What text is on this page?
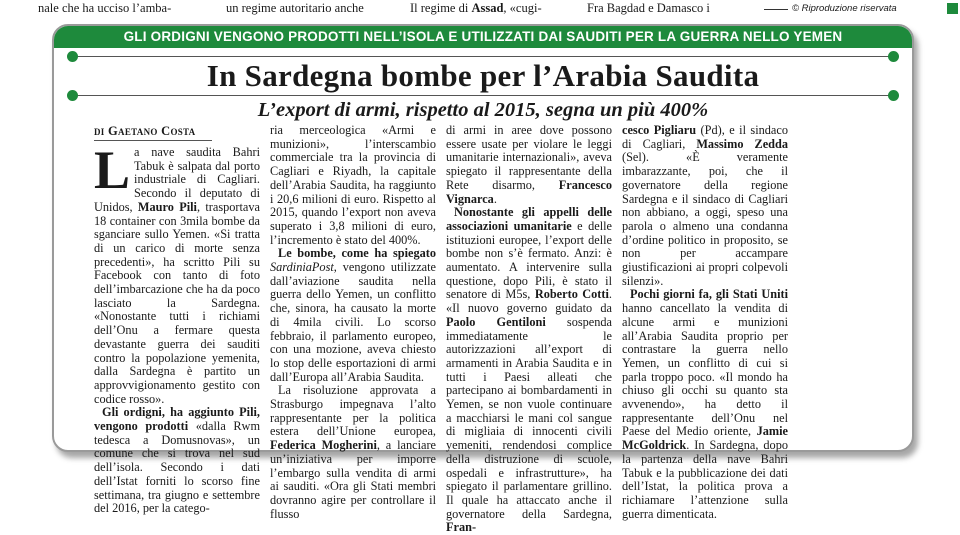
nale che ha ucciso l’amba-	un regime autoritario anche	Il regime di Assad, «cugi-	Fra Bagdad e Damasco i	© Riproduzione riservata
GLI ORDIGNI VENGONO PRODOTTI NELL’ISOLA E UTILIZZATI DAI SAUDITI PER LA GUERRA NELLO YEMEN
In Sardegna bombe per l’Arabia Saudita
L’export di armi, rispetto al 2015, segna un più 400%
di Gaetano Costa

La nave saudita Bahri Tabuk è salpata dal porto industriale di Cagliari. Secondo il deputato di Unidos, Mauro Pili, trasportava 18 container con 3mila bombe da sganciare sullo Yemen. «Si tratta di un carico di morte senza precedenti», ha scritto Pili su Facebook con tanto di foto dell’imbarcazione che ha da poco lasciato la Sardegna. «Nonostante tutti i richiami dell’Onu a fermare questa devastante guerra dei sauditi contro la popolazione yemenita, dalla Sardegna è partito un approvvigionamento gestito con codice rosso».

Gli ordigni, ha aggiunto Pili, vengono prodotti «dalla Rwm tedesca a Domusnovas», un comune che si trova nel sud dell’isola. Secondo i dati dell’Istat forniti lo scorso fine settimana, tra giugno e settembre del 2016, per la catego-

ria merceologica «Armi e munizioni», l’interscambio commerciale tra la provincia di Cagliari e Riyadh, la capitale dell’Arabia Saudita, ha raggiunto i 20,6 milioni di euro. Rispetto al 2015, quando l’export non aveva superato i 3,8 milioni di euro, l’incremento è stato del 400%.

Le bombe, come ha spiegato SardiniaPost, vengono utilizzate dall’aviazione saudita nella guerra dello Yemen, un conflitto che, sinora, ha causato la morte di 4mila civili. Lo scorso febbraio, il parlamento europeo, con una mozione, aveva chiesto lo stop delle esportazioni di armi dall’Europa all’Arabia Saudita.

La risoluzione approvata a Strasburgo impegnava l’alto rappresentante per la politica estera dell’Unione europea, Federica Mogherini, a lanciare un’iniziativa per imporre l’embargo sulla vendita di armi ai sauditi. «Ora gli Stati membri dovranno agire per controllare il flusso

di armi in aree dove possono essere usate per violare le leggi umanitarie internazionali», aveva spiegato il rappresentante della Rete disarmo, Francesco Vignarca.

Nonostante gli appelli delle associazioni umanitarie e delle istituzioni europee, l’export delle bombe non s’è fermato. Anzi: è aumentato. A intervenire sulla questione, dopo Pili, è stato il senatore di M5s, Roberto Cotti. «Il nuovo governo guidato da Paolo Gentiloni sospenda immediatamente le autorizzazioni all’export di armamenti in Arabia Saudita e in tutti i Paesi alleati che partecipano ai bombardamenti in Yemen, se non vuole continuare a macchiarsi le mani col sangue di migliaia di innocenti civili yemeniti, rendendosi complice della distruzione di scuole, ospedali e infrastrutture», ha spiegato il parlamentare grillino. Il quale ha attaccato anche il governatore della Sardegna, Fran-

cesco Pigliaru (Pd), e il sindaco di Cagliari, Massimo Zedda (Sel). «È veramente imbarazzante, poi, che il governatore della regione Sardegna e il sindaco di Cagliari non abbiano, a oggi, speso una parola o almeno una condanna d’ordine politico in proposito, se non per accampare giustificazioni ai propri colpevoli silenzi».

Pochi giorni fa, gli Stati Uniti hanno cancellato la vendita di alcune armi e munizioni all’Arabia Saudita proprio per contrastare la guerra nello Yemen, un conflitto di cui si parla troppo poco. «Il mondo ha chiuso gli occhi su quanto sta avvenendo», ha detto il rappresentante dell’Onu nel Paese del Medio oriente, Jamie McGoldrick. In Sardegna, dopo la partenza della nave Bahri Tabuk e la pubblicazione dei dati dell’Istat, la politica prova a richiamare l’attenzione sulla guerra dimenticata.
